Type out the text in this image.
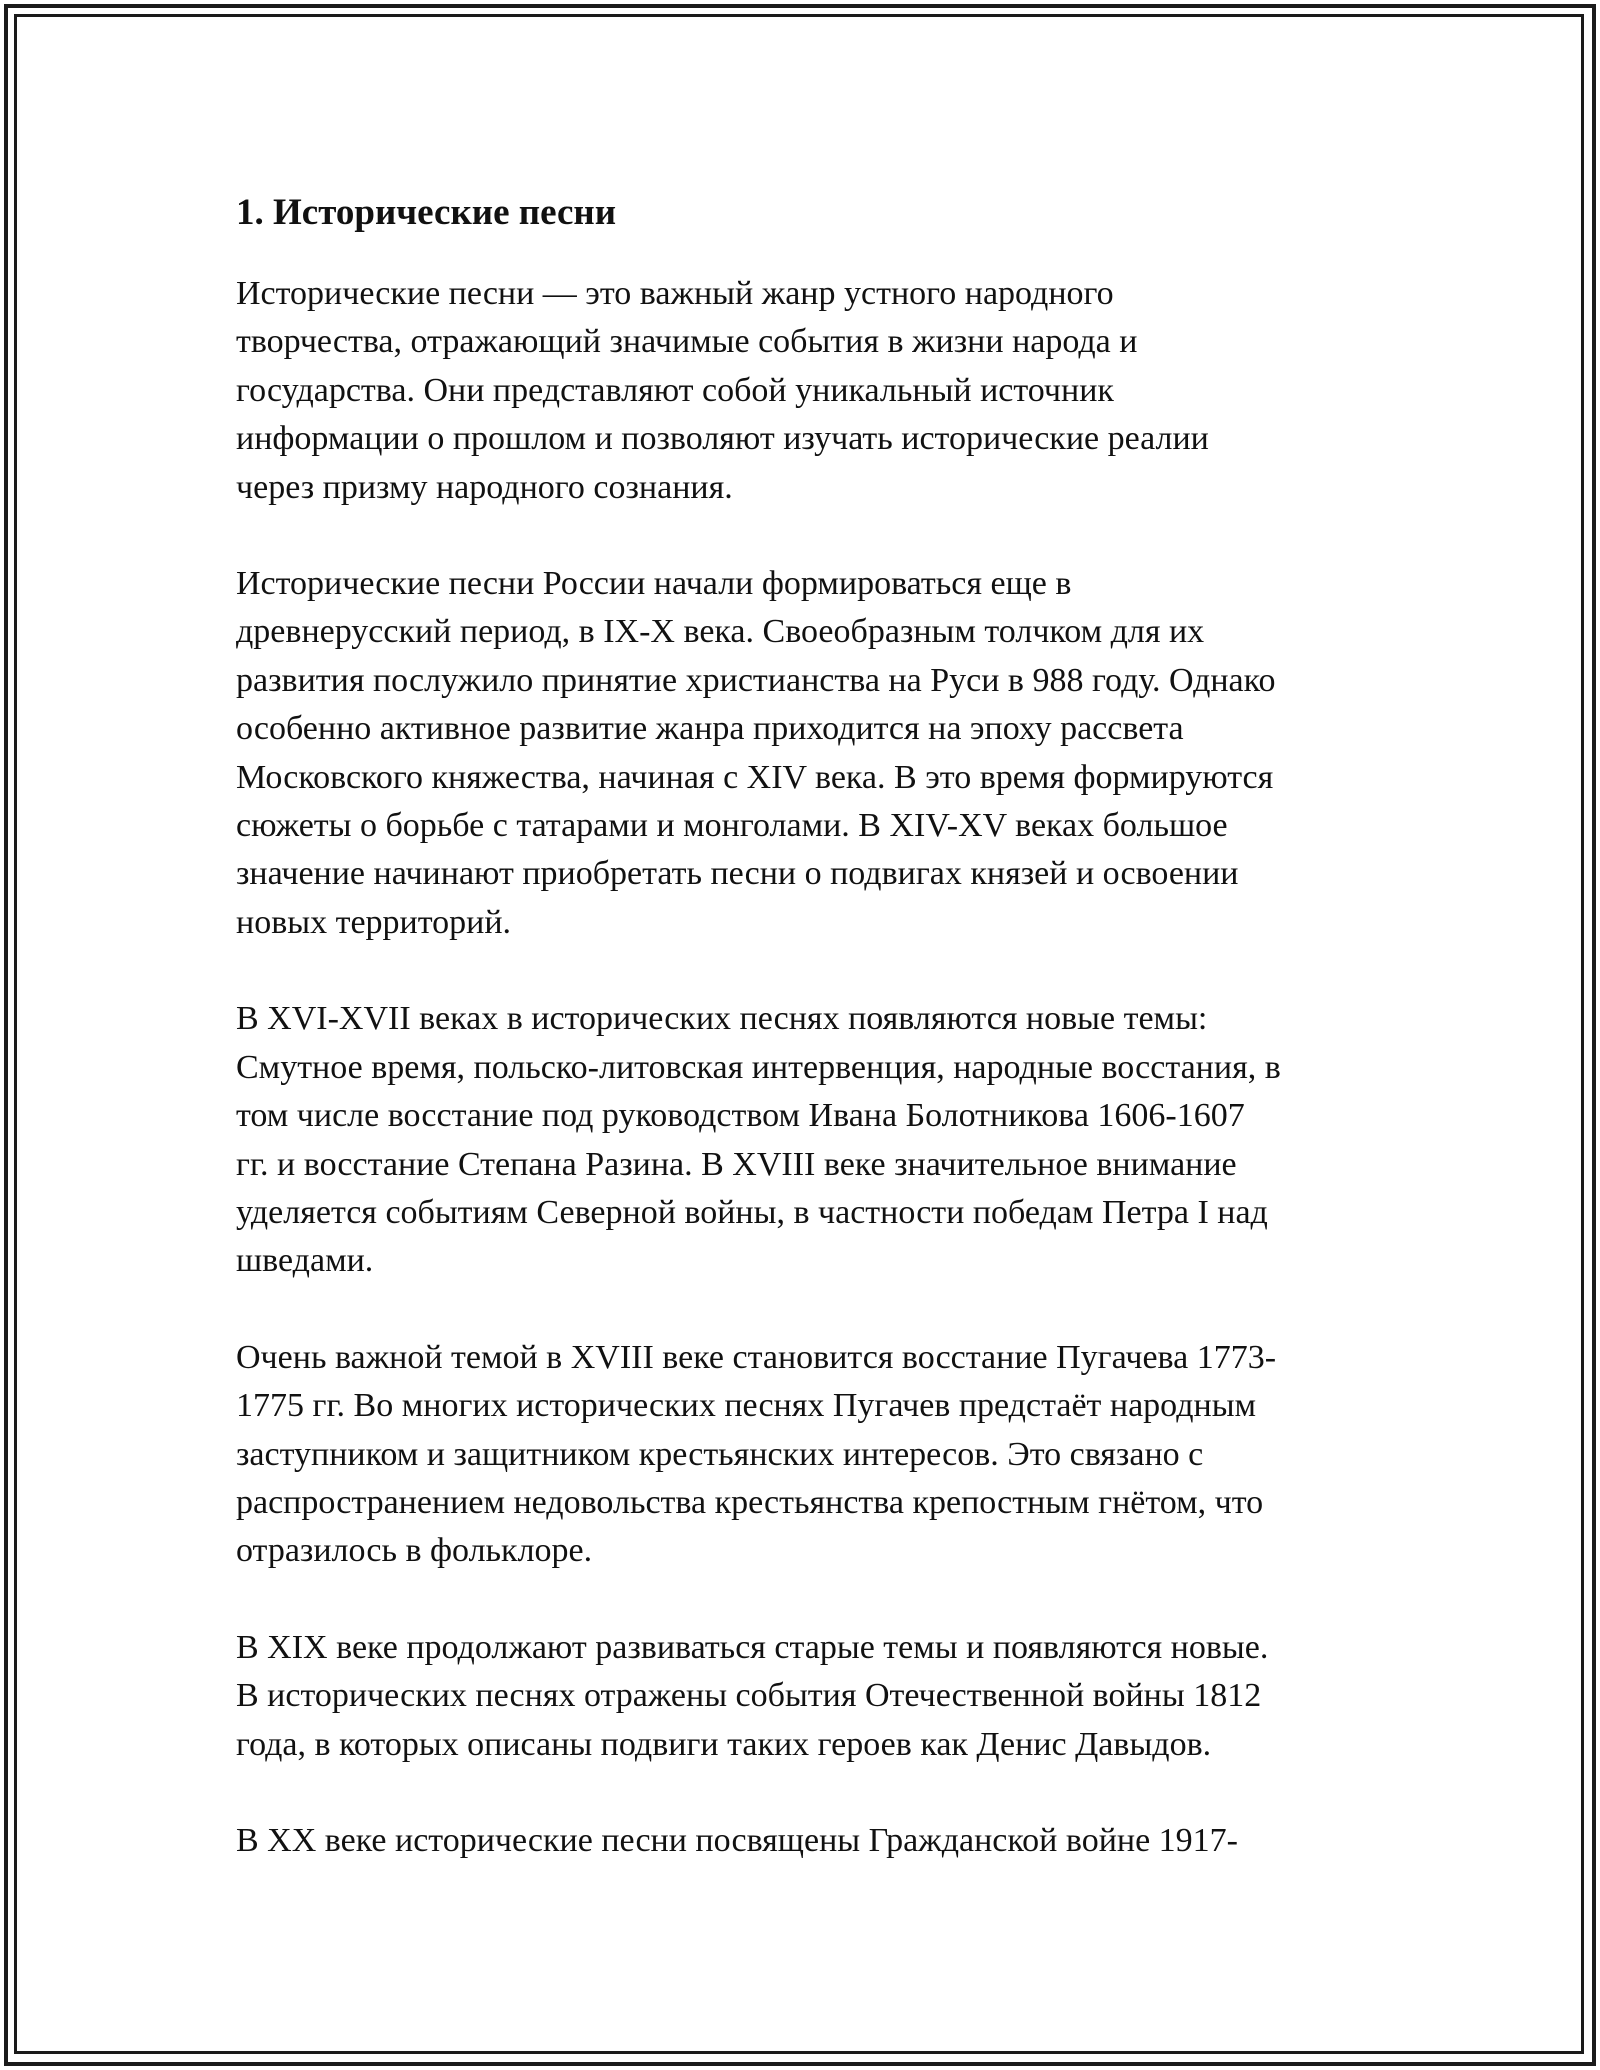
1. Исторические песни

Исторические песни — это важный жанр устного народного
творчества, отражающий значимые события в жизни народа и
государства. Они представляют собой уникальный источник
информации о прошлом и позволяют изучать исторические реалии
через призму народного сознания.

Исторические песни России начали формироваться еще в
древнерусский период, в IX-X века. Своеобразным толчком для их
развития послужило принятие христианства на Руси в 988 году. Однако
особенно активное развитие жанра приходится на эпоху рассвета
Московского княжества, начиная с XIV века. В это время формируются
сюжеты о борьбе с татарами и монголами. В XIV-XV веках большое
значение начинают приобретать песни о подвигах князей и освоении
новых территорий.

В XVI-XVII веках в исторических песнях появляются новые темы:
Смутное время, польско-литовская интервенция, народные восстания, в
том числе восстание под руководством Ивана Болотникова 1606-1607
гг. и восстание Степана Разина. В XVIII веке значительное внимание
уделяется событиям Северной войны, в частности победам Петра I над
шведами.

Очень важной темой в XVIII веке становится восстание Пугачева 1773-
1775 гг. Во многих исторических песнях Пугачев предстаёт народным
заступником и защитником крестьянских интересов. Это связано с
распространением недовольства крестьянства крепостным гнётом, что
отразилось в фольклоре.

В XIX веке продолжают развиваться старые темы и появляются новые.
В исторических песнях отражены события Отечественной войны 1812
года, в которых описаны подвиги таких героев как Денис Давыдов.

В XX веке исторические песни посвящены Гражданской войне 1917-
